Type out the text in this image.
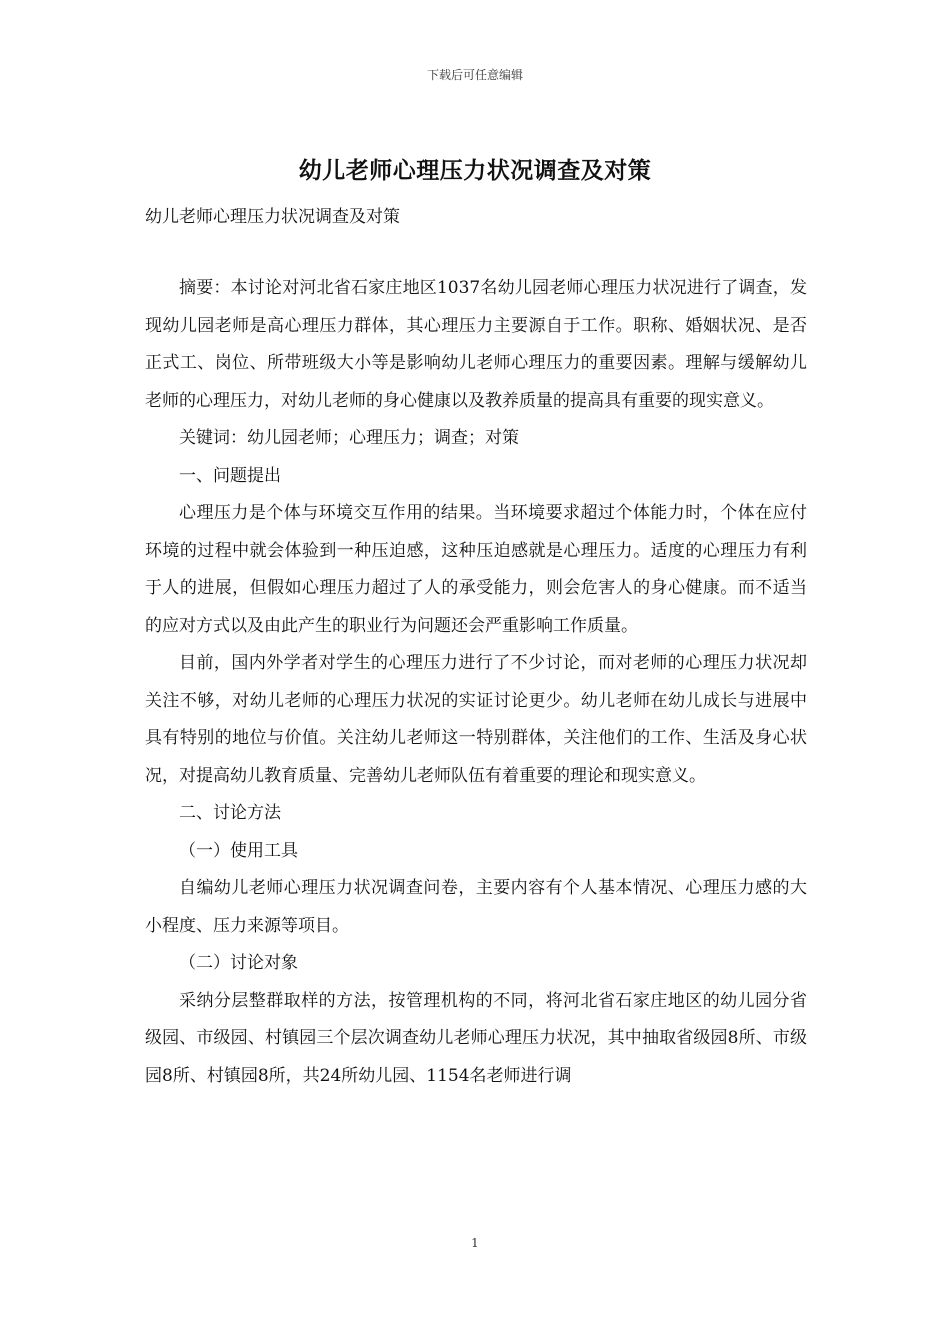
下载后可任意编辑
幼儿老师心理压力状况调查及对策
幼儿老师心理压力状况调查及对策

摘要：本讨论对河北省石家庄地区1037名幼儿园老师心理压力状况进行了调查，发现幼儿园老师是高心理压力群体，其心理压力主要源自于工作。职称、婚姻状况、是否正式工、岗位、所带班级大小等是影响幼儿老师心理压力的重要因素。理解与缓解幼儿老师的心理压力，对幼儿老师的身心健康以及教养质量的提高具有重要的现实意义。

关键词：幼儿园老师；心理压力；调查；对策

一、问题提出

心理压力是个体与环境交互作用的结果。当环境要求超过个体能力时，个体在应付环境的过程中就会体验到一种压迫感，这种压迫感就是心理压力。适度的心理压力有利于人的进展，但假如心理压力超过了人的承受能力，则会危害人的身心健康。而不适当的应对方式以及由此产生的职业行为问题还会严重影响工作质量。

目前，国内外学者对学生的心理压力进行了不少讨论，而对老师的心理压力状况却关注不够，对幼儿老师的心理压力状况的实证讨论更少。幼儿老师在幼儿成长与进展中具有特别的地位与价值。关注幼儿老师这一特别群体，关注他们的工作、生活及身心状况，对提高幼儿教育质量、完善幼儿老师队伍有着重要的理论和现实意义。

二、讨论方法

（一）使用工具

自编幼儿老师心理压力状况调查问卷，主要内容有个人基本情况、心理压力感的大小程度、压力来源等项目。

（二）讨论对象

采纳分层整群取样的方法，按管理机构的不同，将河北省石家庄地区的幼儿园分省级园、市级园、村镇园三个层次调查幼儿老师心理压力状况，其中抽取省级园8所、市级园8所、村镇园8所，共24所幼儿园、1154名老师进行调

1
